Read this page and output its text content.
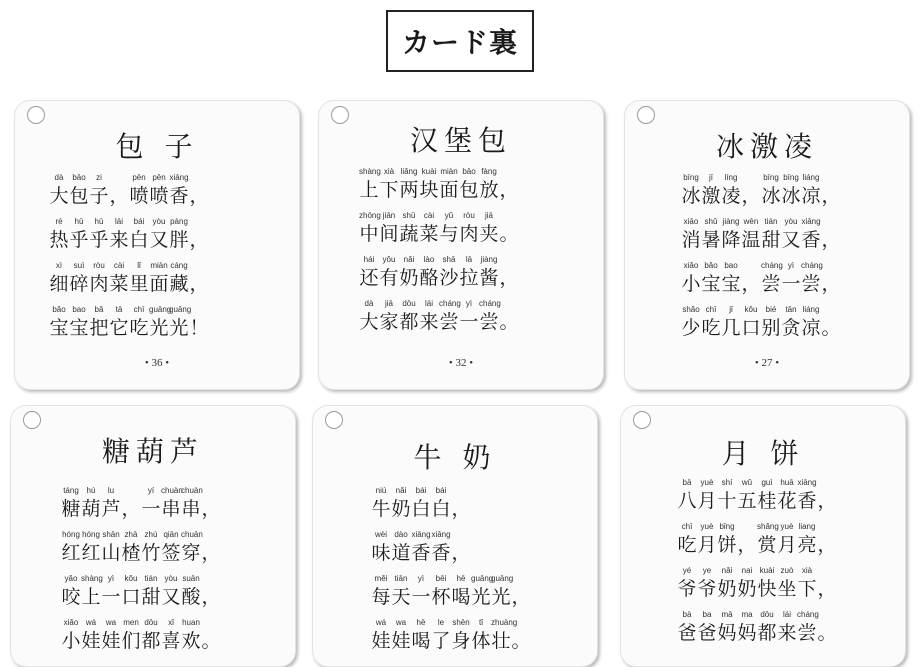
カード裏
包 子
dà	bāo	zi	pēn pēn xiāng
大 包 子 ， 喷 喷 香 ，
rè	hū	hū	lái	bái	yòu pàng
热 乎 乎 来 白 又 胖 ，
xì	suì	ròu	cài	lǐ	miàn cáng
细 碎 肉 菜 里 面 藏 ，
bǎo bao	bǎ	tā	chī guāng
guāng
宝 宝 把 它 吃 光 光 ！
• 36 •
汉堡包
shàng xià liǎng kuài miàn bāo fàng
上 下 两 块 面 包 放 ，
zhōng jiān shū	cài	yǔ	ròu	jiā
中 间 蔬 菜 与 肉 夹 。
hái	yǒu	nǎi	lào	shā	lā	jiàng
还 有 奶 酪 沙 拉 酱 ，
dà	jiā	dōu	lái cháng yì cháng
大 家 都 来 尝 一 尝 。
• 32 •
冰激凌
bīng	jī	líng	bīng bīng liáng
冰 激 凌 ， 冰 冰 凉 ，
xiāo shǔ jiàng wēn tián yòu xiāng
消 暑 降 温 甜 又 香 ，
xiǎo bǎo bao	cháng yì cháng
小 宝 宝 ， 尝 一 尝 ，
shǎo chī	jǐ	kǒu	bié	tān liáng
少 吃 几 口 别 贪 凉 。
• 27 •
糖葫芦
táng hú	lu	yí chuàn
chuàn
糖 葫 芦 ， 一 串 串 ，
hóng hóng shān zhā zhú qiān chuān
红 红 山 楂 竹 签 穿 ，
yǎo shàng yì	kǒu tián yòu suān
咬 上 一 口 甜 又 酸 ，
xiǎo wá	wa men dōu	xǐ	huan
小 娃 娃 们 都 喜 欢 。
牛 奶
niú	nǎi	bái	bái
牛 奶 白 白 ，
wèi dào xiāng xiāng
味 道 香 香 ，
měi tiān	yì	bēi	hē guāng
guāng
每 天 一 杯 喝 光 光 ，
wá	wa	hē	le	shēn	tǐ	zhuàng
娃 娃 喝 了 身 体 壮 。
月 饼
bā	yuè	shí	wǔ	guì huā xiāng
八 月 十 五 桂 花 香 ，
chī	yuè bǐng	shǎng yuè liang
吃 月 饼 ， 赏 月 亮 ，
yé	ye	nǎi	nai kuài zuò	xià
爷 爷 奶 奶 快 坐 下 ，
bà	ba	mā	ma dōu	lái cháng
爸 爸 妈 妈 都 来 尝 。
